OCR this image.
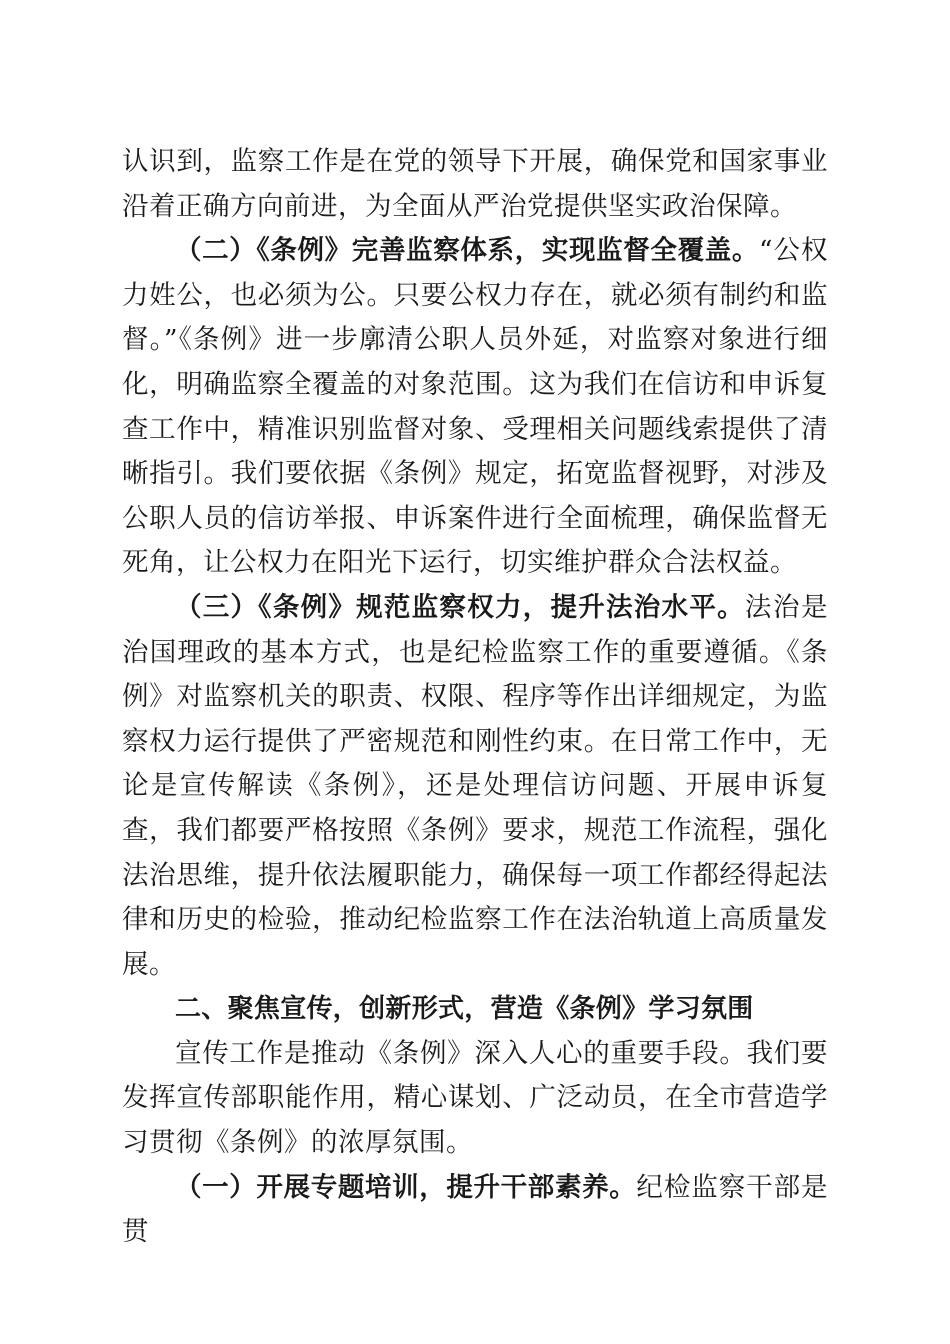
认识到，监察工作是在党的领导下开展，确保党和国家事业沿着正确方向前进，为全面从严治党提供坚实政治保障。

（二）《条例》完善监察体系，实现监督全覆盖。“公权力姓公，也必须为公。只要公权力存在，就必须有制约和监督。”《条例》进一步廓清公职人员外延，对监察对象进行细化，明确监察全覆盖的对象范围。这为我们在信访和申诉复查工作中，精准识别监督对象、受理相关问题线索提供了清晰指引。我们要依据《条例》规定，拓宽监督视野，对涉及公职人员的信访举报、申诉案件进行全面梳理，确保监督无死角，让公权力在阳光下运行，切实维护群众合法权益。

（三）《条例》规范监察权力，提升法治水平。法治是治国理政的基本方式，也是纪检监察工作的重要遵循。《条例》对监察机关的职责、权限、程序等作出详细规定，为监察权力运行提供了严密规范和刚性约束。在日常工作中，无论是宣传解读《条例》，还是处理信访问题、开展申诉复查，我们都要严格按照《条例》要求，规范工作流程，强化法治思维，提升依法履职能力，确保每一项工作都经得起法律和历史的检验，推动纪检监察工作在法治轨道上高质量发展。

二、聚焦宣传，创新形式，营造《条例》学习氛围

宣传工作是推动《条例》深入人心的重要手段。我们要发挥宣传部职能作用，精心谋划、广泛动员，在全市营造学习贯彻《条例》的浓厚氛围。

（一）开展专题培训，提升干部素养。纪检监察干部是贯
